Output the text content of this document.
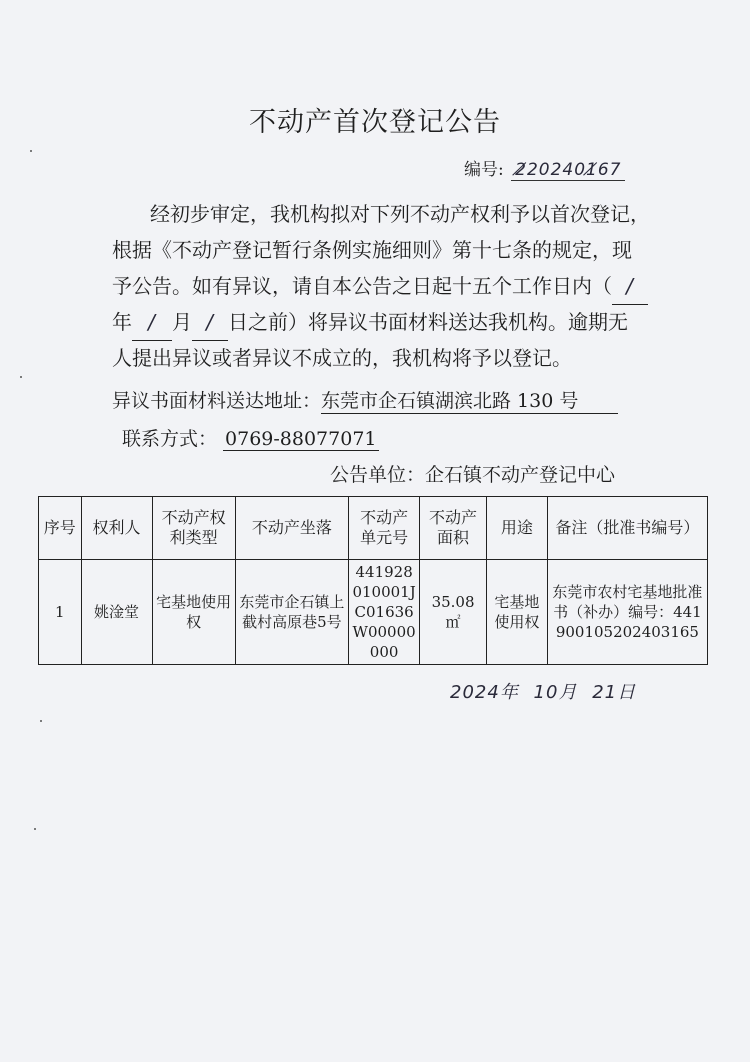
不动产首次登记公告
编号: 2̸202401̸67
经初步审定，我机构拟对下列不动产权利予以首次登记，
根据《不动产登记暂行条例实施细则》第十七条的规定，现
予公告。如有异议，请自本公告之日起十五个工作日内（ /
年 / 月 / 日之前）将异议书面材料送达我机构。逾期无
人提出异议或者异议不成立的，我机构将予以登记。
异议书面材料送达地址：东莞市企石镇湖滨北路 130 号
联系方式： 0769-88077071
公告单位：企石镇不动产登记中心
序号	权利人	不动产权利类型	不动产坐落	不动产单元号	不动产面积	用途	备注（批准书编号）
1	姚淦堂	宅基地使用权	东莞市企石镇上截村高原巷5号	441928010001JC01636W00000000	35.08 ㎡	宅基地使用权	东莞市农村宅基地批准书（补办）编号：441900105202403165
2024年 10月 21日
